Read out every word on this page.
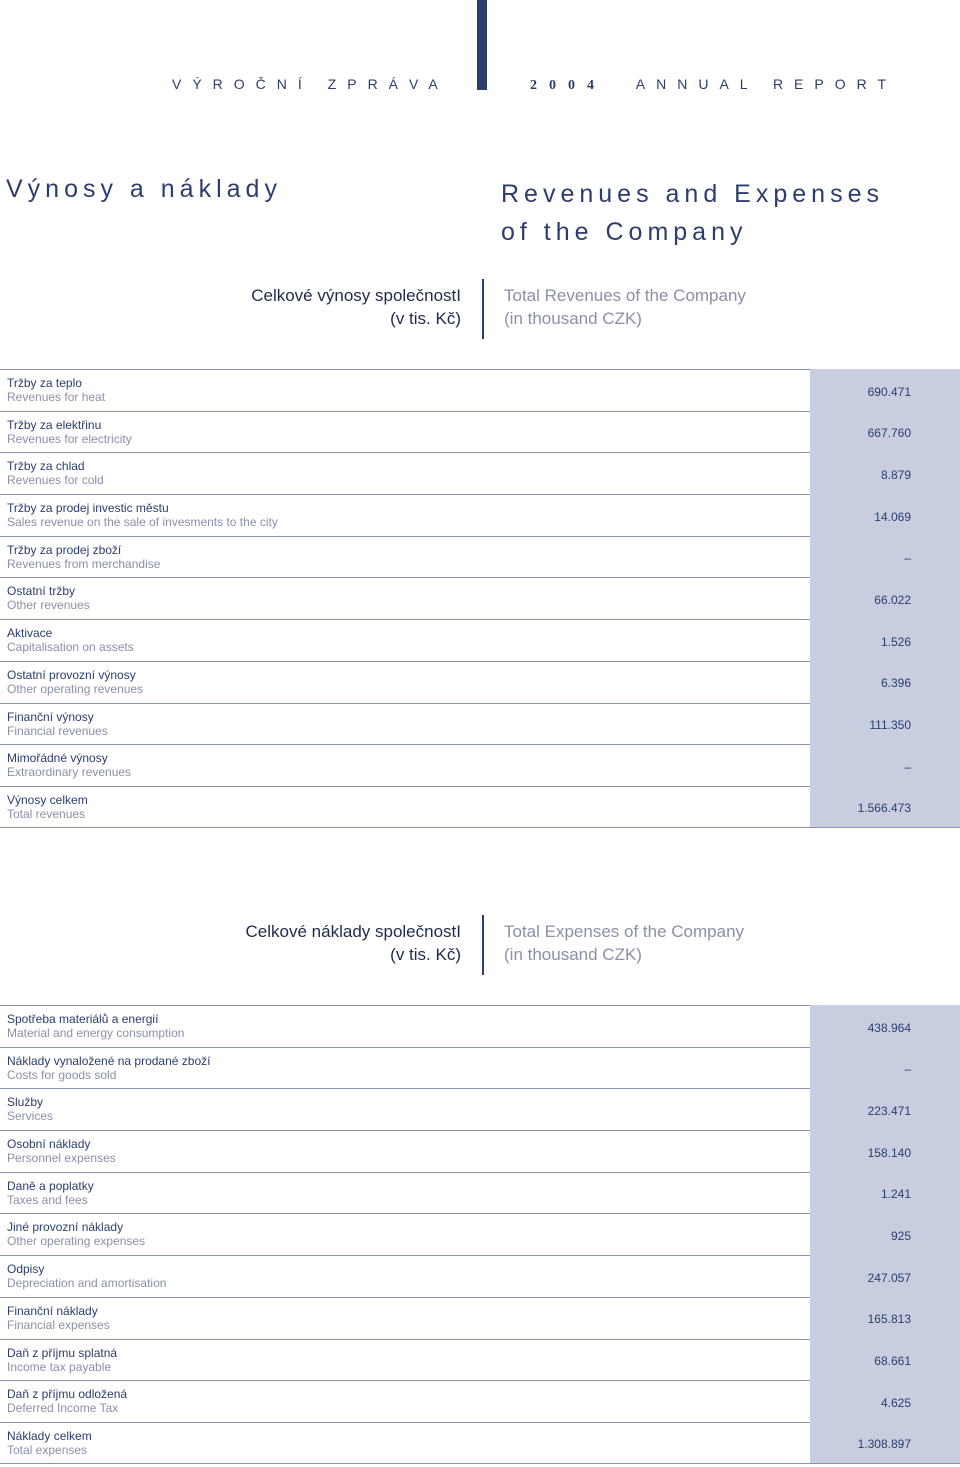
VÝROČNÍ ZPRÁVA	2004 ANNUAL REPORT
Výnosy a náklady	Revenues and Expenses
of the Company
Celkové výnosy společnostI
(v tis. Kč)
Total Revenues of the Company
(in thousand CZK)
Tržby za teplo
Revenues for heat	690.471
Tržby za elektřinu
Revenues for electricity	667.760
Tržby za chlad
Revenues for cold	8.879
Tržby za prodej investic městu
Sales revenue on the sale of invesments to the city	14.069
Tržby za prodej zboží
Revenues from merchandise	–
Ostatní tržby
Other revenues	66.022
Aktivace
Capitalisation on assets	1.526
Ostatní provozní výnosy
Other operating revenues	6.396
Finanční výnosy
Financial revenues	111.350
Mimořádné výnosy
Extraordinary revenues	–
Výnosy celkem
Total revenues	1.566.473
Celkové náklady společnostI
(v tis. Kč)
Total Expenses of the Company
(in thousand CZK)
Spotřeba materiálů a energií
Material and energy consumption	438.964
Náklady vynaložené na prodané zboží
Costs for goods sold	–
Služby
Services	223.471
Osobní náklady
Personnel expenses	158.140
Daně a poplatky
Taxes and fees	1.241
Jiné provozní náklady
Other operating expenses	925
Odpisy
Depreciation and amortisation	247.057
Finanční náklady
Financial expenses	165.813
Daň z příjmu splatná
Income tax payable	68.661
Daň z příjmu odložená
Deferred Income Tax	4.625
Náklady celkem
Total expenses	1.308.897
